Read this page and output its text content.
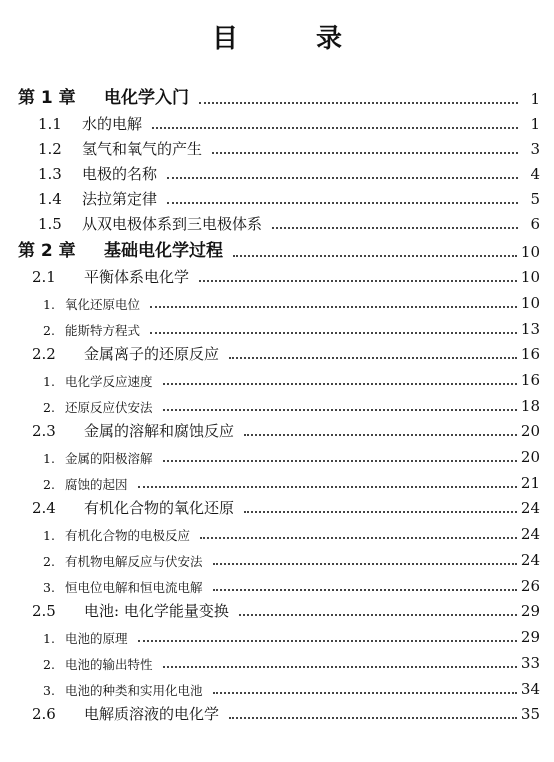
目　录
第 1 章 电化学入门	1
1.1 水的电解	1
1.2 氢气和氧气的产生	3
1.3 电极的名称	4
1.4 法拉第定律	5
1.5 从双电极体系到三电极体系	6
第 2 章 基础电化学过程	10
2.1 平衡体系电化学	10
1. 氧化还原电位	10
2. 能斯特方程式	13
2.2 金属离子的还原反应	16
1. 电化学反应速度	16
2. 还原反应伏安法	18
2.3 金属的溶解和腐蚀反应	20
1. 金属的阳极溶解	20
2. 腐蚀的起因	21
2.4 有机化合物的氧化还原	24
1. 有机化合物的电极反应	24
2. 有机物电解反应与伏安法	24
3. 恒电位电解和恒电流电解	26
2.5 电池: 电化学能量变换	29
1. 电池的原理	29
2. 电池的输出特性	33
3. 电池的种类和实用化电池	34
2.6 电解质溶液的电化学	35
